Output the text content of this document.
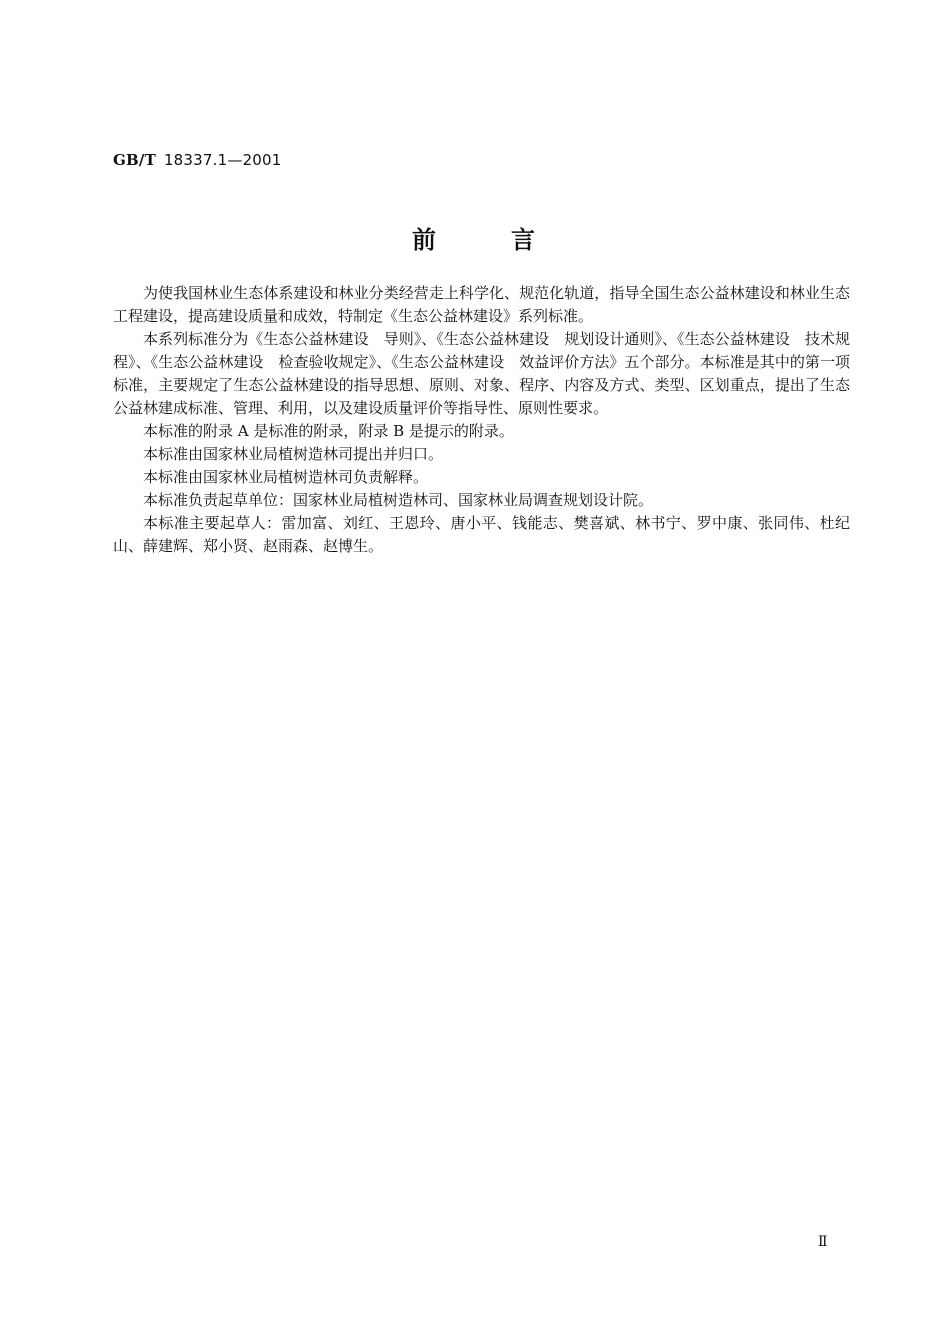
GB/T 18337.1—2001
前	言

为使我国林业生态体系建设和林业分类经营走上科学化、规范化轨道，指导全国生态公益林建设和林业生态工程建设，提高建设质量和成效，特制定《生态公益林建设》系列标准。

本系列标准分为《生态公益林建设　导则》、《生态公益林建设　规划设计通则》、《生态公益林建设　技术规程》、《生态公益林建设　检查验收规定》、《生态公益林建设　效益评价方法》五个部分。本标准是其中的第一项标准，主要规定了生态公益林建设的指导思想、原则、对象、程序、内容及方式、类型、区划重点，提出了生态公益林建成标准、管理、利用，以及建设质量评价等指导性、原则性要求。

本标准的附录 A 是标准的附录，附录 B 是提示的附录。

本标准由国家林业局植树造林司提出并归口。

本标准由国家林业局植树造林司负责解释。

本标准负责起草单位：国家林业局植树造林司、国家林业局调查规划设计院。

本标准主要起草人：雷加富、刘红、王恩玲、唐小平、钱能志、樊喜斌、林书宁、罗中康、张同伟、杜纪山、薛建辉、郑小贤、赵雨森、赵博生。

Ⅱ
